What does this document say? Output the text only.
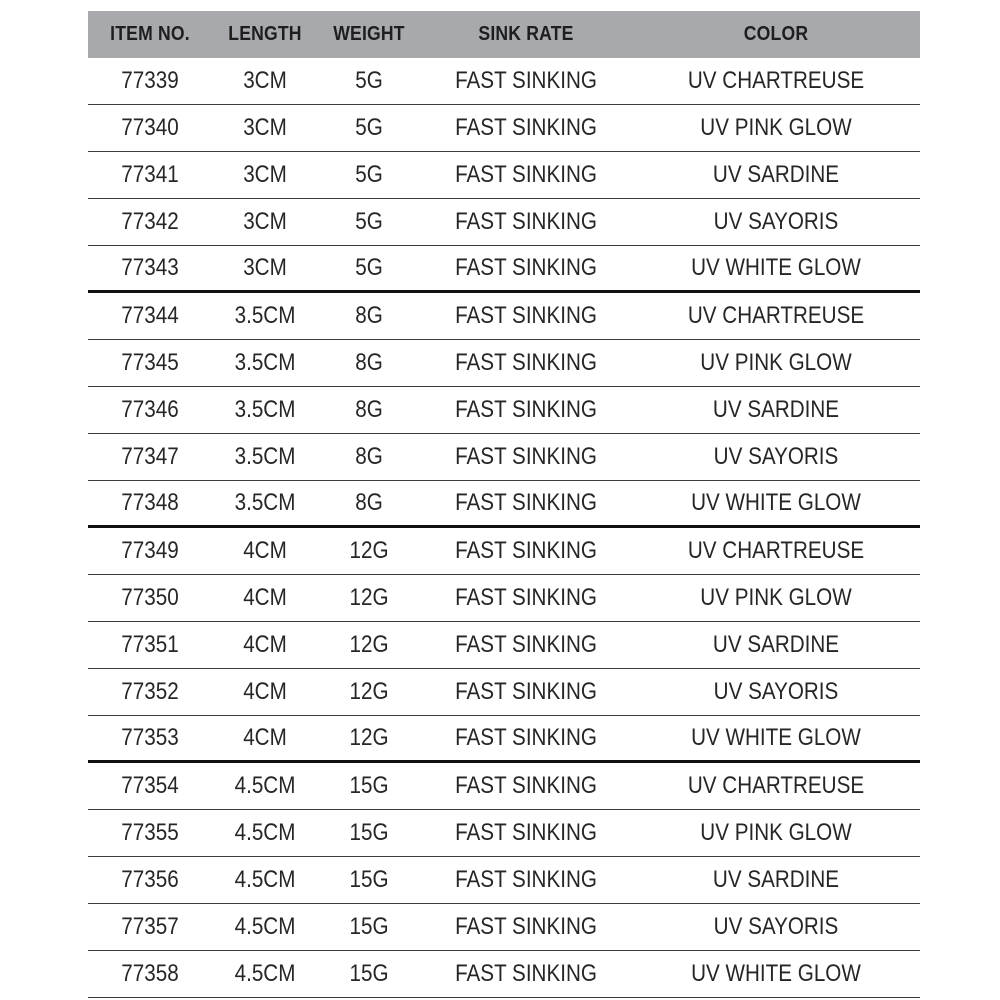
ITEM NO.	LENGTH	WEIGHT	SINK RATE	COLOR
77339	3CM	5G	FAST SINKING	UV CHARTREUSE
77340	3CM	5G	FAST SINKING	UV PINK GLOW
77341	3CM	5G	FAST SINKING	UV SARDINE
77342	3CM	5G	FAST SINKING	UV SAYORIS
77343	3CM	5G	FAST SINKING	UV WHITE GLOW
77344	3.5CM	8G	FAST SINKING	UV CHARTREUSE
77345	3.5CM	8G	FAST SINKING	UV PINK GLOW
77346	3.5CM	8G	FAST SINKING	UV SARDINE
77347	3.5CM	8G	FAST SINKING	UV SAYORIS
77348	3.5CM	8G	FAST SINKING	UV WHITE GLOW
77349	4CM	12G	FAST SINKING	UV CHARTREUSE
77350	4CM	12G	FAST SINKING	UV PINK GLOW
77351	4CM	12G	FAST SINKING	UV SARDINE
77352	4CM	12G	FAST SINKING	UV SAYORIS
77353	4CM	12G	FAST SINKING	UV WHITE GLOW
77354	4.5CM	15G	FAST SINKING	UV CHARTREUSE
77355	4.5CM	15G	FAST SINKING	UV PINK GLOW
77356	4.5CM	15G	FAST SINKING	UV SARDINE
77357	4.5CM	15G	FAST SINKING	UV SAYORIS
77358	4.5CM	15G	FAST SINKING	UV WHITE GLOW
